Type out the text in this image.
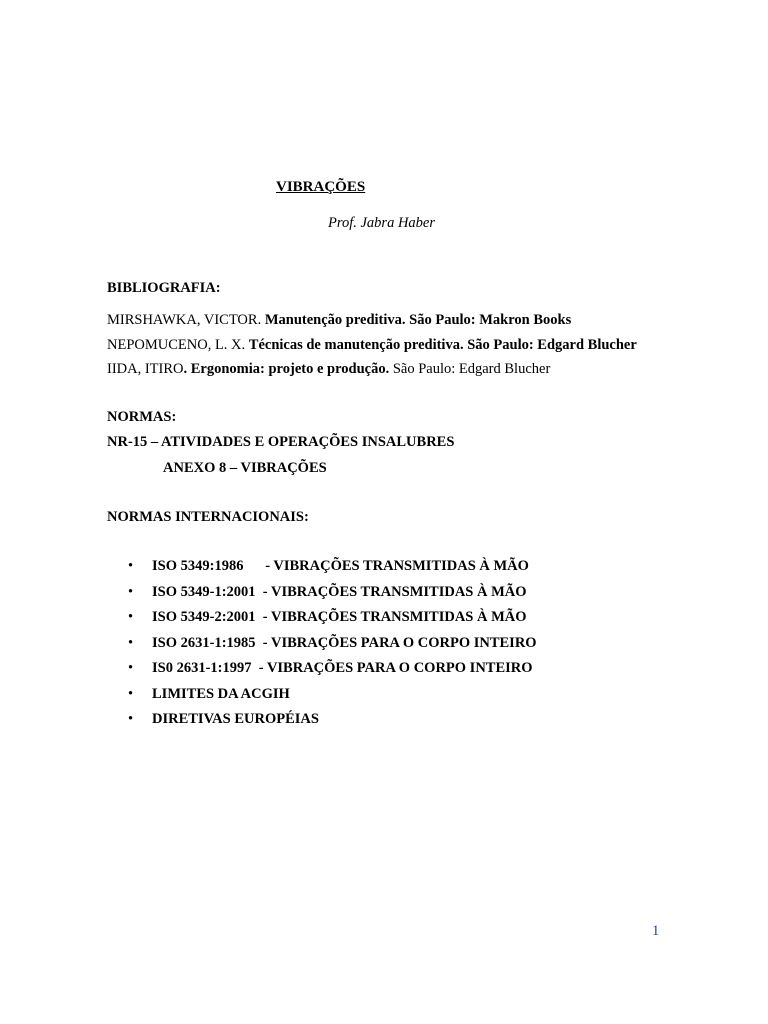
VIBRAÇÕES
Prof. Jabra Haber
BIBLIOGRAFIA:
MIRSHAWKA, VICTOR. Manutenção preditiva. São Paulo: Makron Books
NEPOMUCENO, L. X. Técnicas de manutenção preditiva. São Paulo: Edgard Blucher
IIDA, ITIRO. Ergonomia: projeto e produção. São Paulo: Edgard Blucher
NORMAS:
NR-15 – ATIVIDADES E OPERAÇÕES INSALUBRES
ANEXO 8 – VIBRAÇÕES
NORMAS INTERNACIONAIS:
•	ISO 5349:1986 - VIBRAÇÕES TRANSMITIDAS À MÃO
•	ISO 5349-1:2001 - VIBRAÇÕES TRANSMITIDAS À MÃO
•	ISO 5349-2:2001 - VIBRAÇÕES TRANSMITIDAS À MÃO
•	ISO 2631-1:1985 - VIBRAÇÕES PARA O CORPO INTEIRO
•	IS0 2631-1:1997 - VIBRAÇÕES PARA O CORPO INTEIRO
•	LIMITES DA ACGIH
•	DIRETIVAS EUROPÉIAS
1
